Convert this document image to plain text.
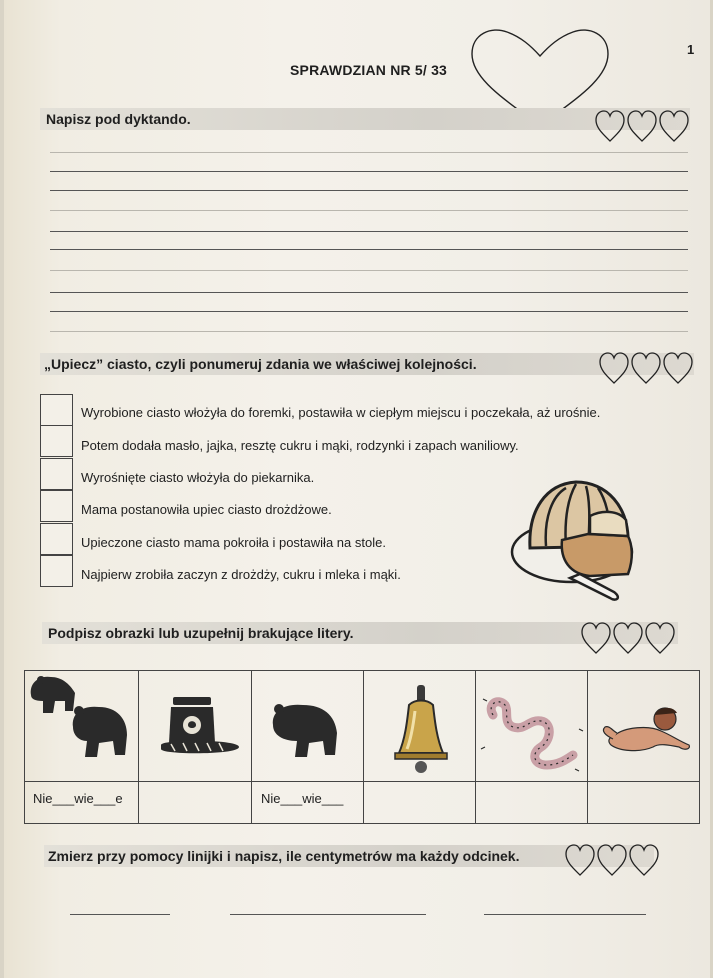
1
SPRAWDZIAN NR 5/ 33
Napisz pod dyktando.
„Upiecz” ciasto, czyli ponumeruj zdania we właściwej kolejności.
Wyrobione ciasto włożyła do foremki, postawiła w ciepłym miejscu i poczekała, aż urośnie.
Potem dodała masło, jajka, resztę cukru i mąki, rodzynki i zapach waniliowy.
Wyrośnięte ciasto włożyła do piekarnika.
Mama postanowiła upiec ciasto drożdżowe.
Upieczone ciasto mama pokroiła i postawiła na stole.
Najpierw zrobiła zaczyn z drożdży, cukru i mleka i mąki.
Podpisz obrazki lub uzupełnij brakujące litery.
Nie___wie___e	Nie___wie___
Zmierz przy pomocy linijki i napisz, ile centymetrów ma każdy odcinek.
